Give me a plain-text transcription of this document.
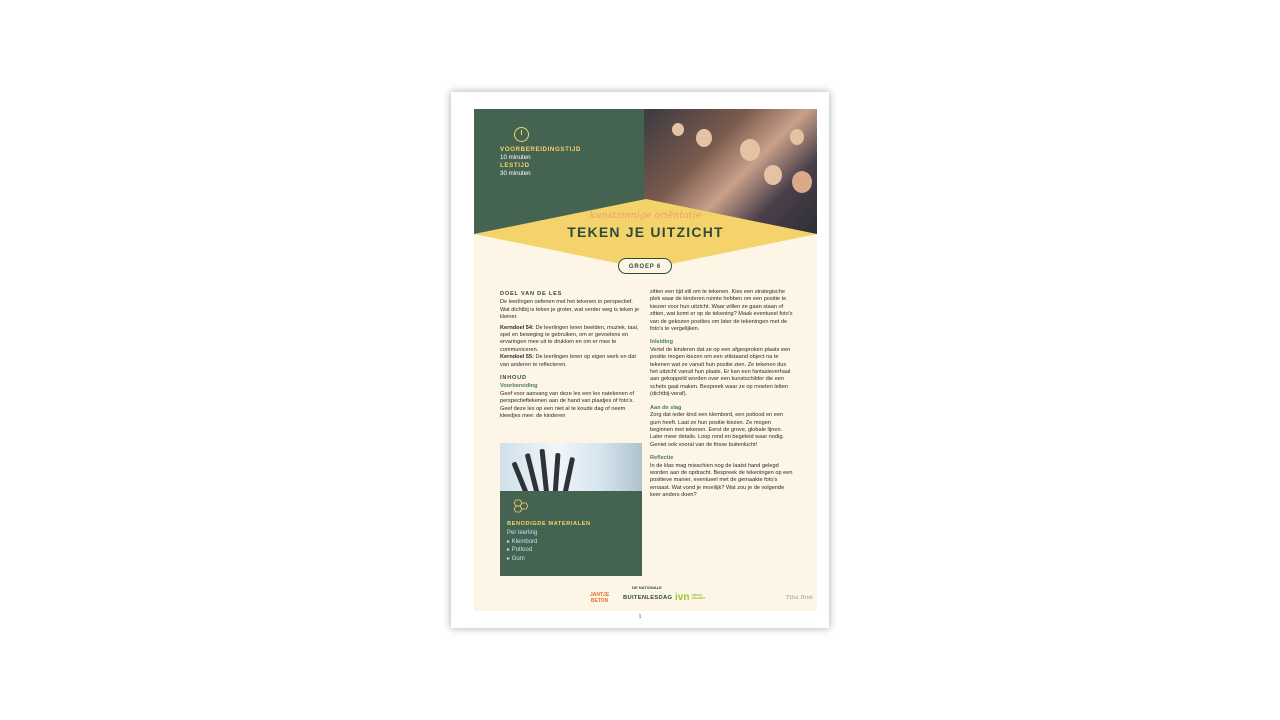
VOORBEREIDINGSTIJD
10 minuten
LESTIJD
30 minuten
kunstzinnige oriëntatie
TEKEN JE UITZICHT
GROEP 6
DOEL VAN DE LES

De leerlingen oefenen met het tekenen in perspectief. Wat dichtbij is teken je groter, wat verder weg is teken je kleiner.

Kerndoel 54: De leerlingen leren beelden, muziek, taal, spel en beweging te gebruiken, om er gevoelens en ervaringen mee uit te drukken en om er mee te communiceren.

Kerndoel 55: De leerlingen leren op eigen werk en dat van anderen te reflecteren.

INHOUD
Voorbereiding

Geef voor aanvang van deze les een les natekenen of perspectieftekenen aan de hand van plaatjes of foto's. Geef deze les op een niet al te koude dag of neem kleedjes mee: de kinderen

BENODIGDE MATERIALEN
Per leerling
▸ Klembord
▸ Potlood
▸ Gum

zitten een tijd stil om te tekenen. Kies een strategische plek waar de kinderen ruimte hebben om een positie te kiezen voor hun uitzicht. Waar willen ze gaan staan of zitten, wat komt er op de tekening? Maak eventueel foto's van de gekozen posities om later de tekeningen met de foto's te vergelijken.

Inleiding

Vertel de kinderen dat ze op een afgesproken plaats een positie mogen kiezen om een stilstaand object na te tekenen wat ze vanuit hun positie zien. Ze tekenen dus het uitzicht vanuit hun plaats. Er kan een fantasieverhaal aan gekoppeld worden over een kunstschilder die een schets gaat maken. Bespreek waar ze op moeten letten (dichtbij-veraf).

Aan de slag

Zorg dat ieder kind een klembord, een potlood en een gum heeft. Laat ze hun positie kiezen. Ze mogen beginnen met tekenen. Eerst de grove, globale lijnen. Later meer details. Loop rond en begeleid waar nodig. Geniet ook vooral van de frisse buitenlucht!

Reflectie

In de klas mag misschien nog de laatst hand gelegd worden aan de opdracht. Bespreek de tekeningen op een positieve manier, eventueel met de gemaakte foto's ernaast. Wat vond je moeilijk? Wat zou je de volgende keer anders doen?

JANTJE
BETON
DE NATIONALE
BUITENLESDAG ivn natuur
educatie	Titia Rink
1
